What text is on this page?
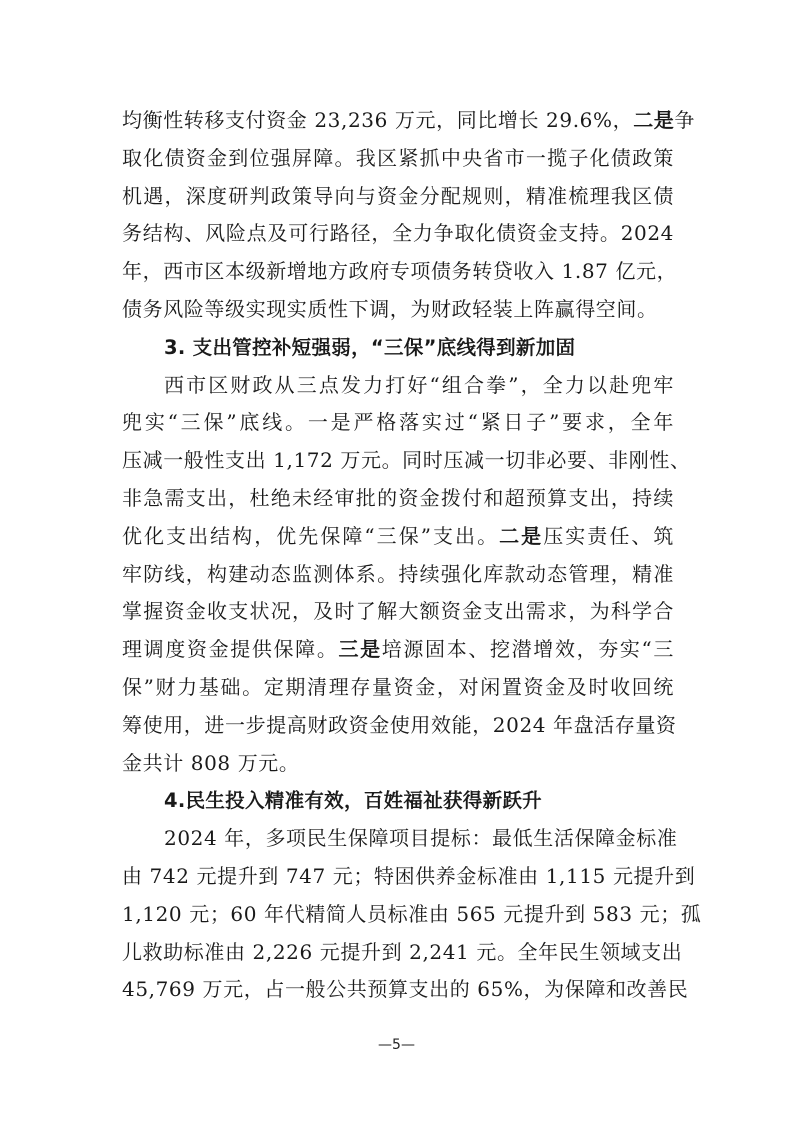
均衡性转移支付资金 23,236 万元，同比增长 29.6%，二是争
取化债资金到位强屏障。我区紧抓中央省市一揽子化债政策
机遇，深度研判政策导向与资金分配规则，精准梳理我区债
务结构、风险点及可行路径，全力争取化债资金支持。2024
年，西市区本级新增地方政府专项债务转贷收入 1.87 亿元，
债务风险等级实现实质性下调，为财政轻装上阵赢得空间。
3. 支出管控补短强弱，“三保”底线得到新加固
西市区财政从三点发力打好“组合拳”，全力以赴兜牢
兜实“三保”底线。一是严格落实过“紧日子”要求，全年
压减一般性支出 1,172 万元。同时压减一切非必要、非刚性、
非急需支出，杜绝未经审批的资金拨付和超预算支出，持续
优化支出结构，优先保障“三保”支出。二是压实责任、筑
牢防线，构建动态监测体系。持续强化库款动态管理，精准
掌握资金收支状况，及时了解大额资金支出需求，为科学合
理调度资金提供保障。三是培源固本、挖潜增效，夯实“三
保”财力基础。定期清理存量资金，对闲置资金及时收回统
筹使用，进一步提高财政资金使用效能，2024 年盘活存量资
金共计 808 万元。
4.民生投入精准有效，百姓福祉获得新跃升
2024 年，多项民生保障项目提标：最低生活保障金标准
由 742 元提升到 747 元；特困供养金标准由 1,115 元提升到
1,120 元；60 年代精简人员标准由 565 元提升到 583 元；孤
儿救助标准由 2,226 元提升到 2,241 元。全年民生领域支出
45,769 万元，占一般公共预算支出的 65%，为保障和改善民
—5—
